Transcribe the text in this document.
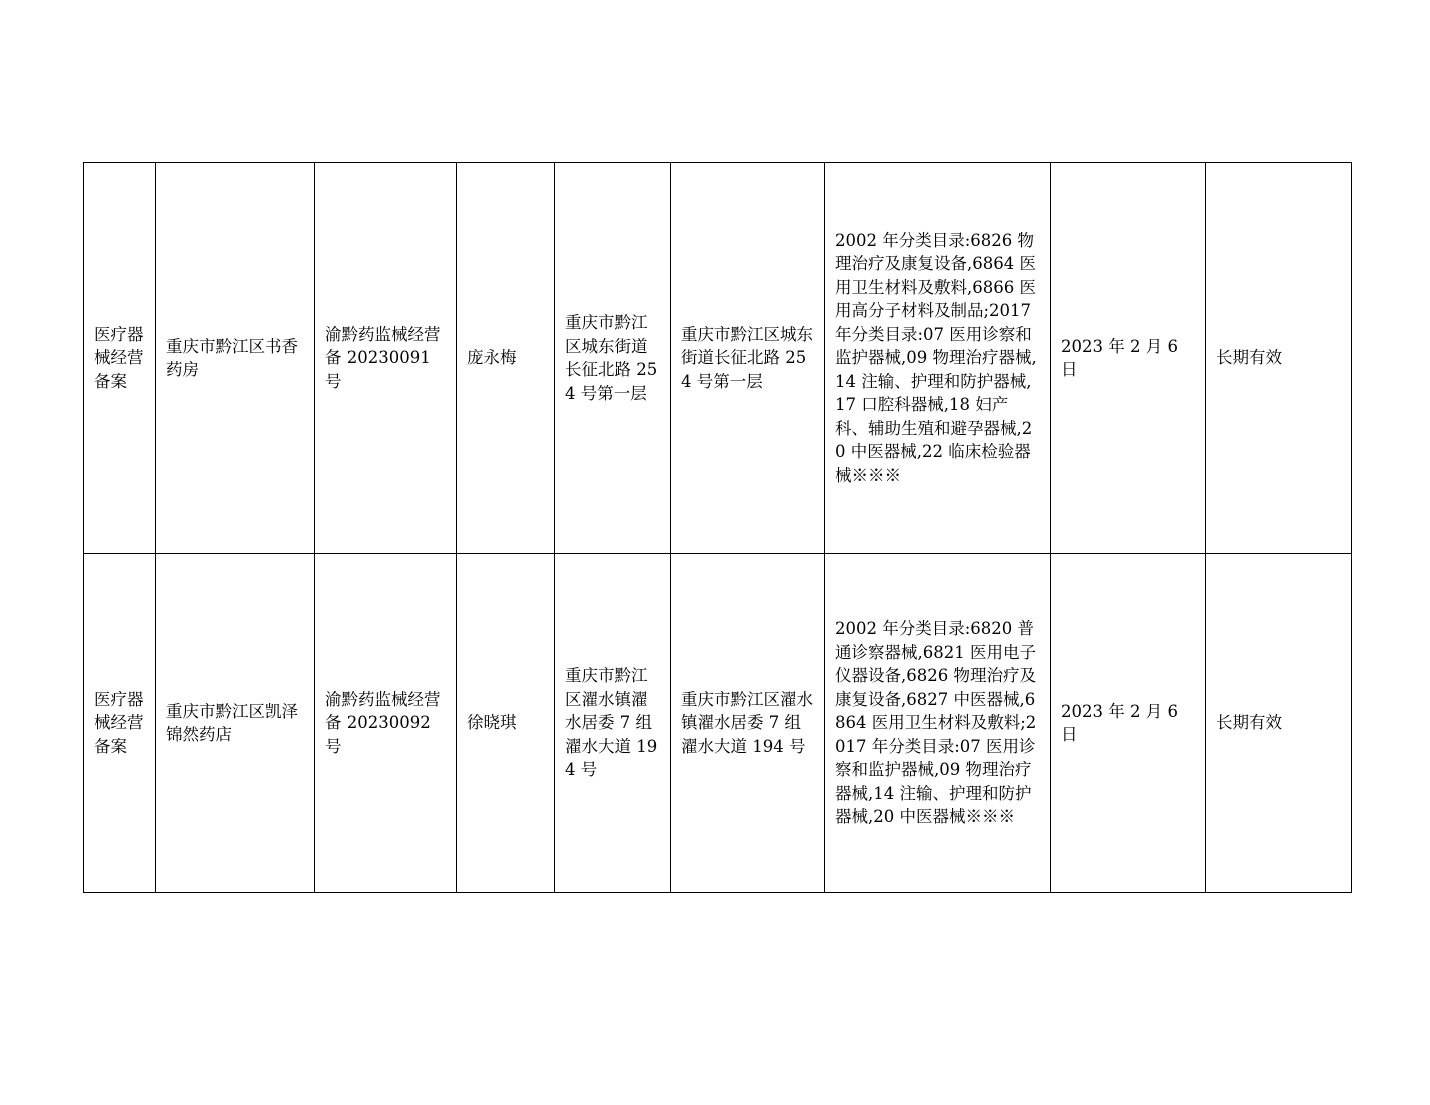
医疗器械经营备案	重庆市黔江区书香药房	渝黔药监械经营备 20230091 号	庞永梅	重庆市黔江区城东街道长征北路 254 号第一层	重庆市黔江区城东街道长征北路 254 号第一层	2002 年分类目录:6826 物理治疗及康复设备,6864 医用卫生材料及敷料,6866 医用高分子材料及制品;2017 年分类目录:07 医用诊察和监护器械,09 物理治疗器械,14 注输、护理和防护器械,17 口腔科器械,18 妇产科、辅助生殖和避孕器械,20 中医器械,22 临床检验器械※※※	2023 年 2 月 6 日	长期有效
医疗器械经营备案	重庆市黔江区凯泽锦然药店	渝黔药监械经营备 20230092 号	徐晓琪	重庆市黔江区濯水镇濯水居委 7 组濯水大道 194 号	重庆市黔江区濯水镇濯水居委 7 组濯水大道 194 号	2002 年分类目录:6820 普通诊察器械,6821 医用电子仪器设备,6826 物理治疗及康复设备,6827 中医器械,6864 医用卫生材料及敷料;2017 年分类目录:07 医用诊察和监护器械,09 物理治疗器械,14 注输、护理和防护器械,20 中医器械※※※	2023 年 2 月 6 日	长期有效
